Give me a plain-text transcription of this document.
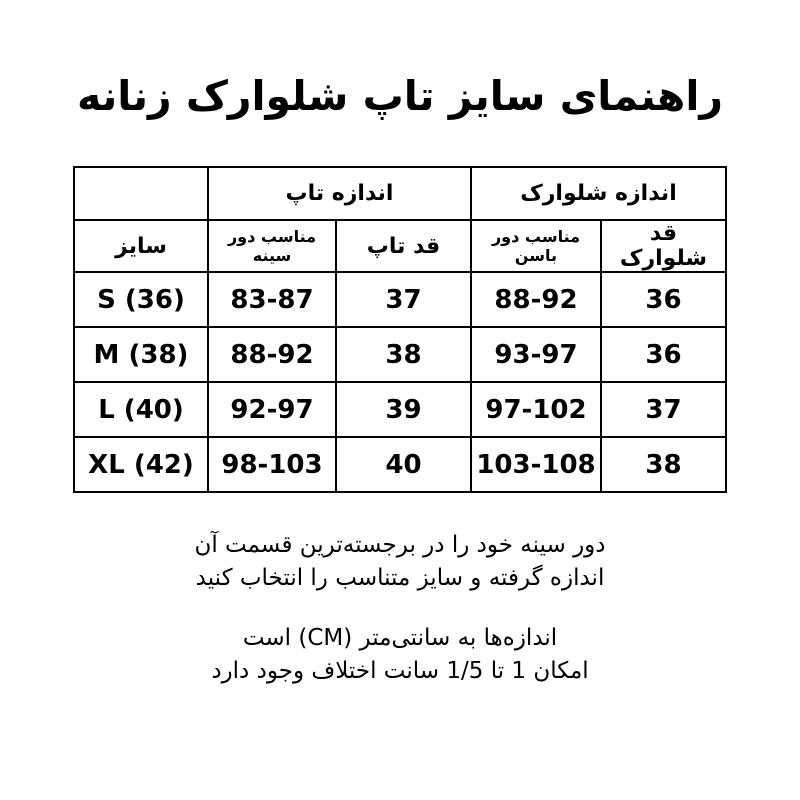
راهنمای سایز تاپ شلوارک زنانه
	اندازه تاپ		اندازه شلوارک	
سایز	مناسب دور سینه	قد تاپ	مناسب دور باسن	قد شلوارک
S (36)	83-87	37	88-92	36
M (38)	88-92	38	93-97	36
L (40)	92-97	39	97-102	37
XL (42)	98-103	40	103-108	38

دور سینه خود را در برجسته‌ترین قسمت آن
اندازه گرفته و سایز متناسب را انتخاب کنید

اندازه‌ها به سانتی‌متر (CM) است
امکان 1 تا 1/5 سانت اختلاف وجود دارد
